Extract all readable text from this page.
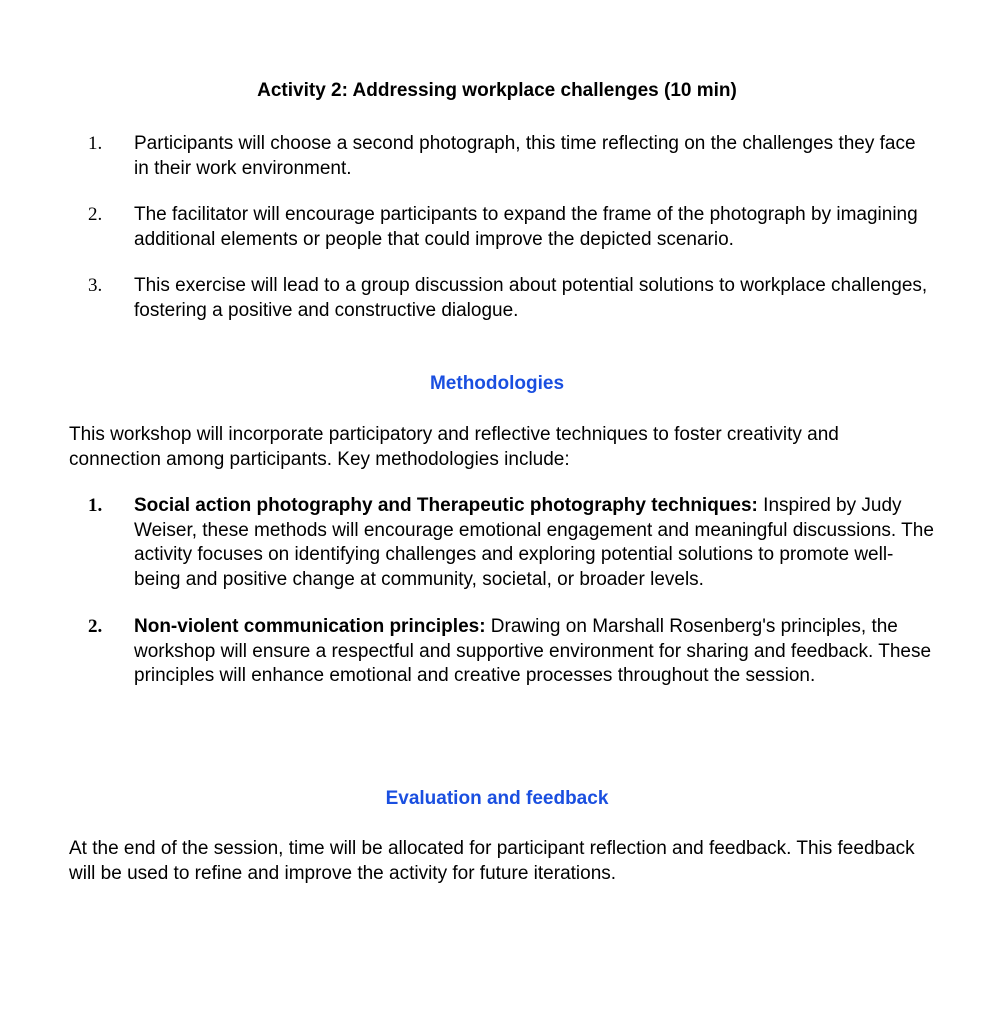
Activity 2: Addressing workplace challenges (10 min)
1. Participants will choose a second photograph, this time reflecting on the challenges they face in their work environment.
2. The facilitator will encourage participants to expand the frame of the photograph by imagining additional elements or people that could improve the depicted scenario.
3. This exercise will lead to a group discussion about potential solutions to workplace challenges, fostering a positive and constructive dialogue.
Methodologies

This workshop will incorporate participatory and reflective techniques to foster creativity and connection among participants. Key methodologies include:

1. Social action photography and Therapeutic photography techniques: Inspired by Judy Weiser, these methods will encourage emotional engagement and meaningful discussions. The activity focuses on identifying challenges and exploring potential solutions to promote well-being and positive change at community, societal, or broader levels.
2. Non-violent communication principles: Drawing on Marshall Rosenberg's principles, the workshop will ensure a respectful and supportive environment for sharing and feedback. These principles will enhance emotional and creative processes throughout the session.
Evaluation and feedback

At the end of the session, time will be allocated for participant reflection and feedback. This feedback will be used to refine and improve the activity for future iterations.
